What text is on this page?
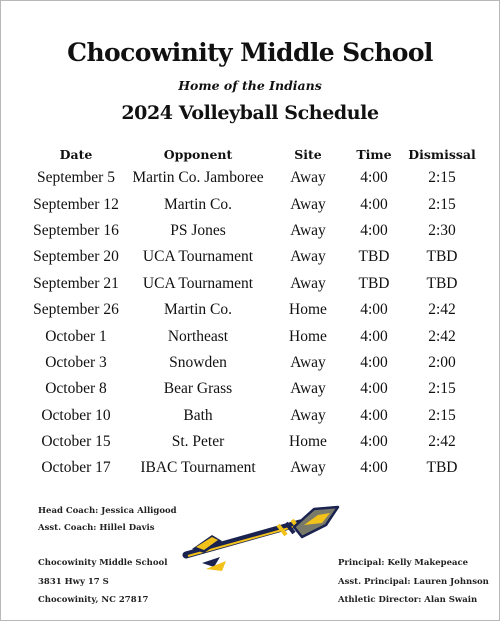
Chocowinity Middle School
Home of the Indians
2024 Volleyball Schedule
Date	Opponent	Site	Time	Dismissal
September 5	Martin Co. Jamboree	Away	4:00	2:15
September 12	Martin Co.	Away	4:00	2:15
September 16	PS Jones	Away	4:00	2:30
September 20	UCA Tournament	Away	TBD	TBD
September 21	UCA Tournament	Away	TBD	TBD
September 26	Martin Co.	Home	4:00	2:42
October 1	Northeast	Home	4:00	2:42
October 3	Snowden	Away	4:00	2:00
October 8	Bear Grass	Away	4:00	2:15
October 10	Bath	Away	4:00	2:15
October 15	St. Peter	Home	4:00	2:42
October 17	IBAC Tournament	Away	4:00	TBD
Head Coach: Jessica Alligood
Asst. Coach: Hillel Davis
Chocowinity Middle School
3831 Hwy 17 S
Chocowinity, NC 27817
Principal: Kelly Makepeace
Asst. Principal: Lauren Johnson
Athletic Director: Alan Swain
